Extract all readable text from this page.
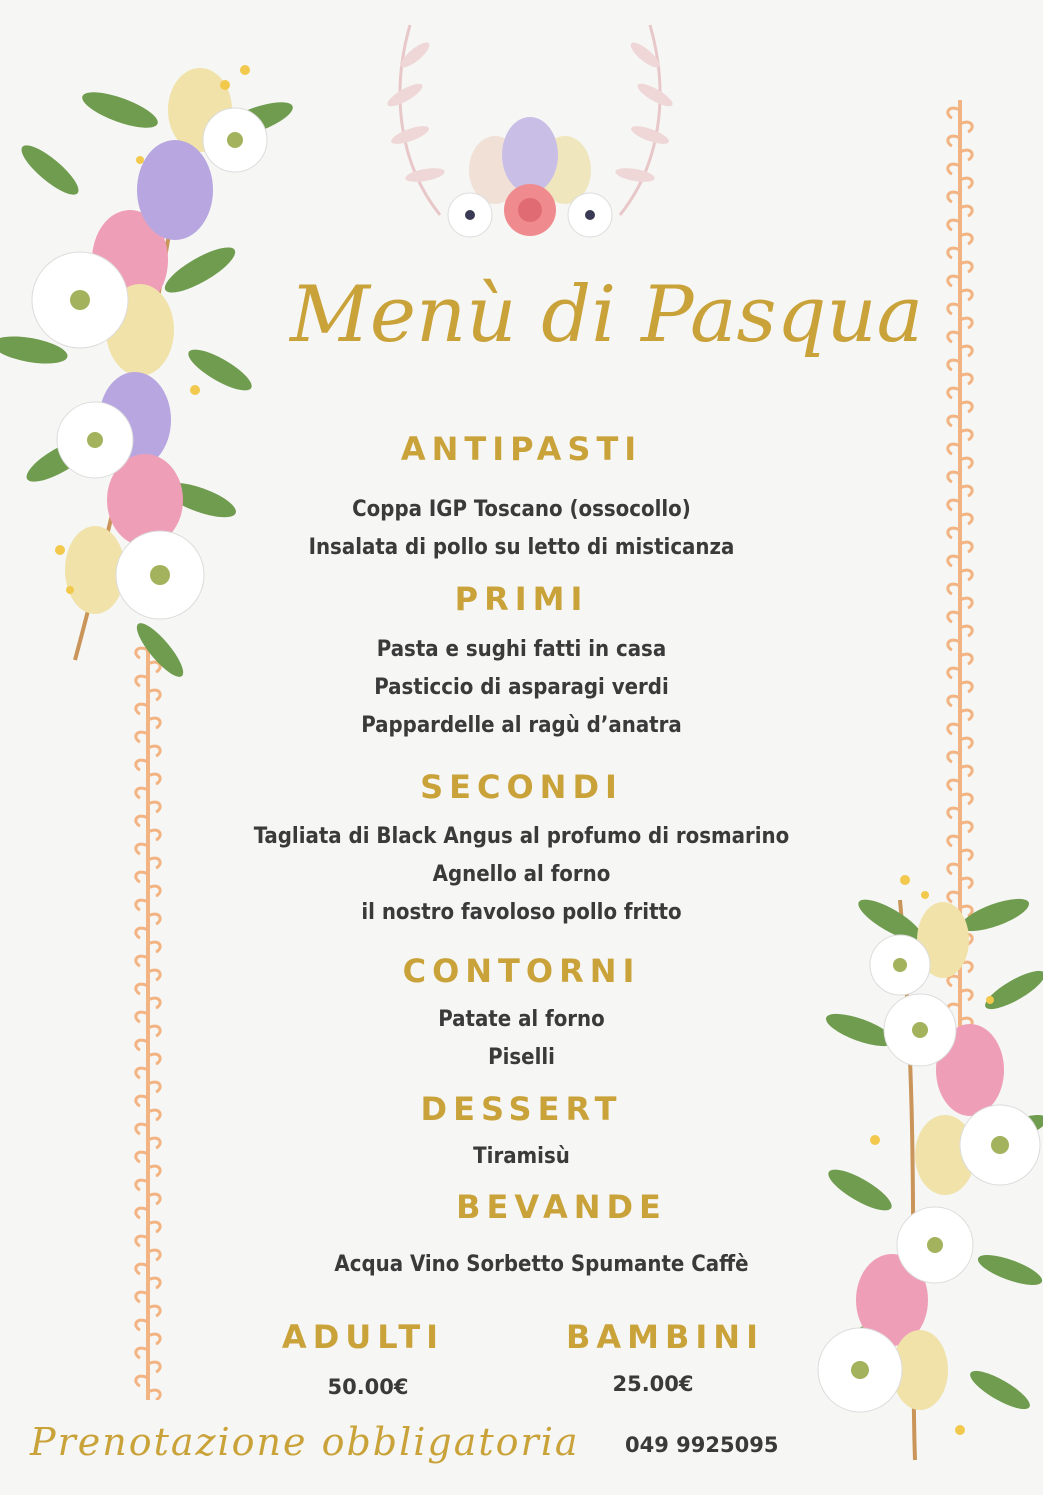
Menù di Pasqua
ANTIPASTI
Coppa IGP Toscano (ossocollo)
Insalata di pollo su letto di misticanza
PRIMI
Pasta e sughi fatti in casa
Pasticcio di asparagi verdi
Pappardelle al ragù d’anatra
SECONDI
Tagliata di Black Angus al profumo di rosmarino
Agnello al forno
il nostro favoloso pollo fritto
CONTORNI
Patate al forno
Piselli
DESSERT
Tiramisù
BEVANDE
Acqua Vino Sorbetto Spumante Caffè
ADULTI
50.00€
BAMBINI
25.00€
Prenotazione obbligatoria 049 9925095
